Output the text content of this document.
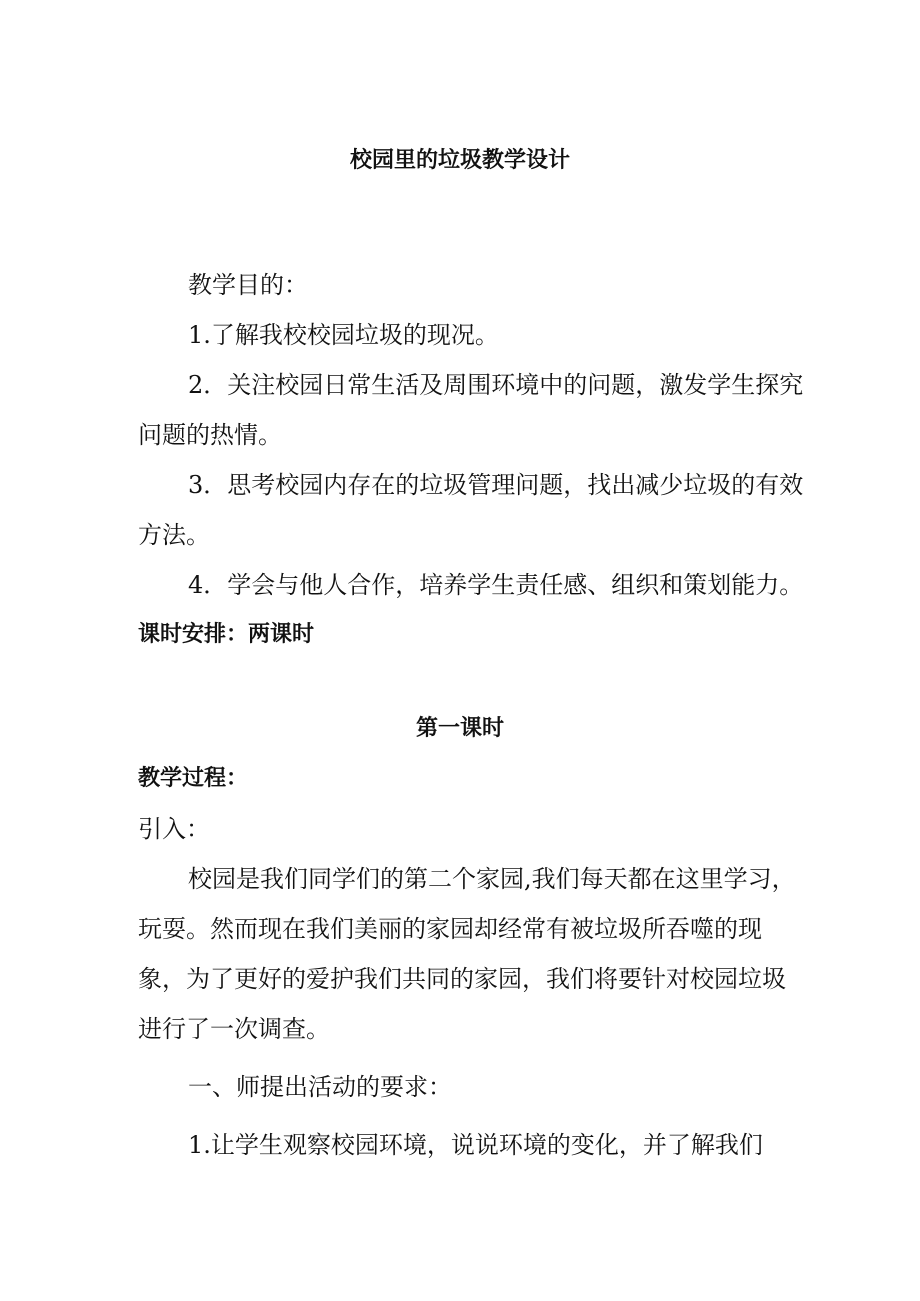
校园里的垃圾教学设计
教学目的：
1.了解我校校园垃圾的现况。
2．关注校园日常生活及周围环境中的问题，激发学生探究
问题的热情。
3．思考校园内存在的垃圾管理问题，找出减少垃圾的有效
方法。
4．学会与他人合作，培养学生责任感、组织和策划能力。
课时安排：两课时
第一课时
教学过程：
引入：
校园是我们同学们的第二个家园,我们每天都在这里学习，
玩耍。然而现在我们美丽的家园却经常有被垃圾所吞噬的现
象，为了更好的爱护我们共同的家园，我们将要针对校园垃圾
进行了一次调查。
一、师提出活动的要求：
1.让学生观察校园环境，说说环境的变化，并了解我们
